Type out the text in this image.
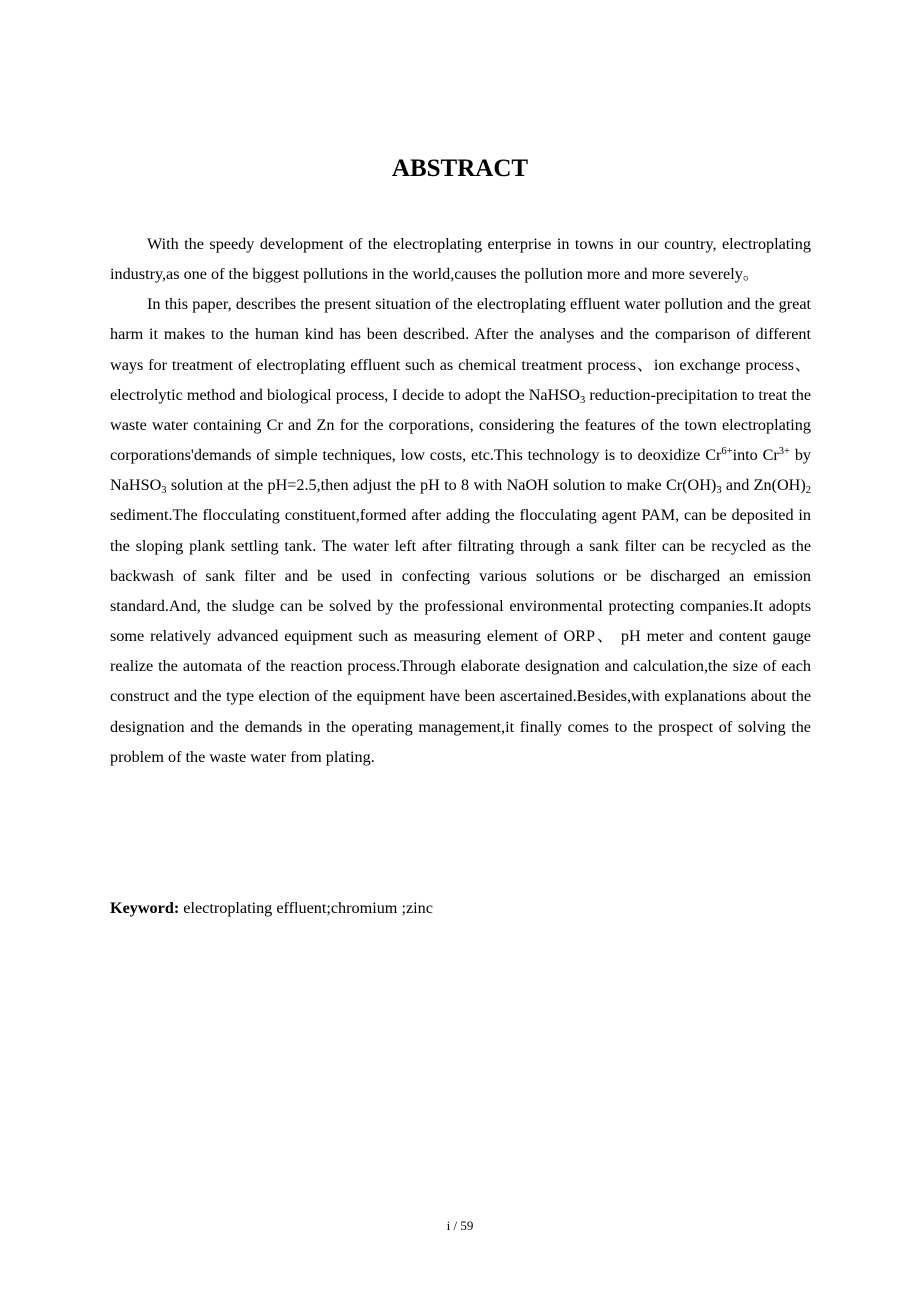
ABSTRACT

With the speedy development of the electroplating enterprise in towns in our country, electroplating industry,as one of the biggest pollutions in the world,causes the pollution more and more severely。

In this paper, describes the present situation of the electroplating effluent water pollution and the great harm it makes to the human kind has been described. After the analyses and the comparison of different ways for treatment of electroplating effluent such as chemical treatment process、ion exchange process、electrolytic method and biological process, I decide to adopt the NaHSO$_3$ reduction-precipitation to treat the waste water containing Cr and Zn for the corporations, considering the features of the town electroplating corporations'demands of simple techniques, low costs, etc.This technology is to deoxidize $Cr^{6+}into$ $Cr^{3+}$ by NaHSO$_3$ solution at the pH=2.5,then adjust the pH to 8 with NaOH solution to make $Cr(OH)_3$ and $Zn(OH)_2$ sediment.The flocculating constituent,formed after adding the flocculating agent PAM, can be deposited in the sloping plank settling tank. The water left after filtrating through a sank filter can be recycled as the backwash of sank filter and be used in confecting various solutions or be discharged an emission standard.And, the sludge can be solved by the professional environmental protecting companies.It adopts some relatively advanced equipment such as measuring element of ORP、 pH meter and content gauge realize the automata of the reaction process.Through elaborate designation and calculation,the size of each construct and the type election of the equipment have been ascertained.Besides,with explanations about the designation and the demands in the operating management,it finally comes to the prospect of solving the problem of the waste water from plating.

Keyword: electroplating effluent;chromium ;zinc

i / 59
